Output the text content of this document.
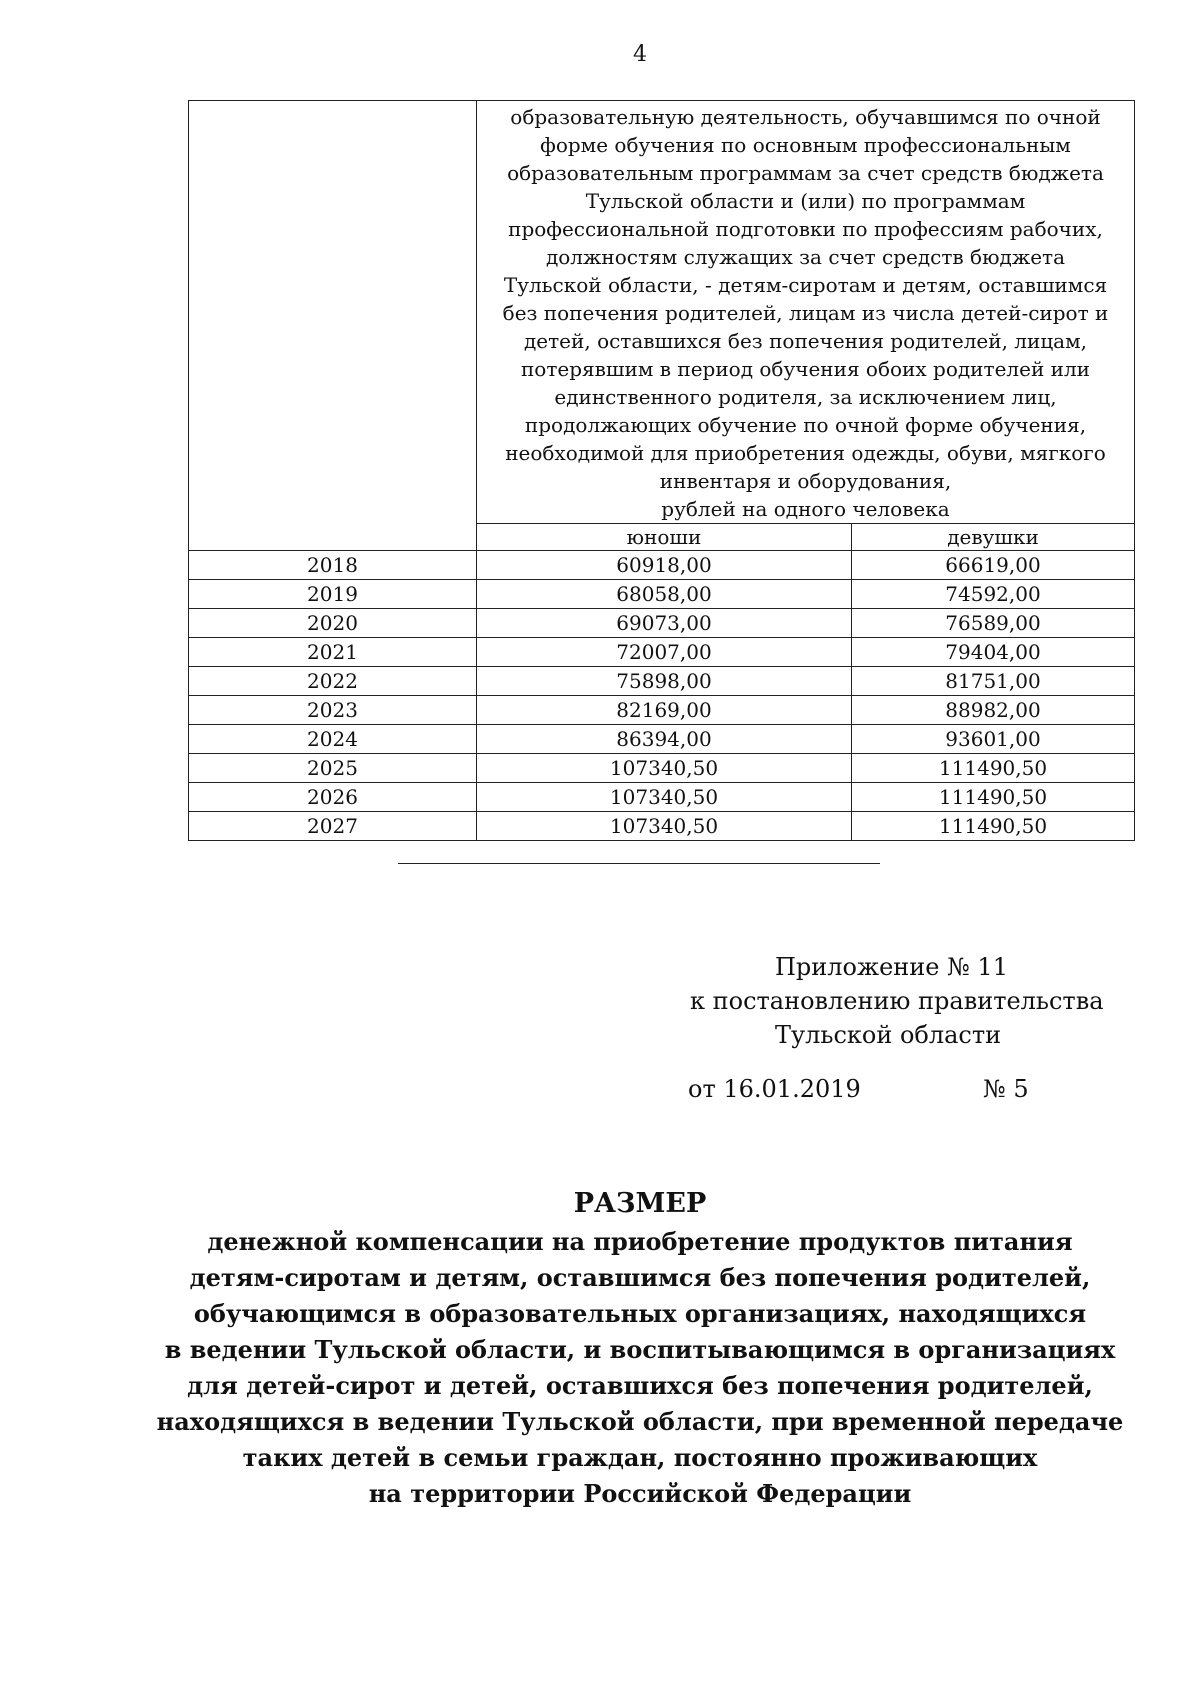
4

	образовательную деятельность, обучавшимся по очной форме обучения по основным профессиональным образовательным программам за счет средств бюджета Тульской области и (или) по программам профессиональной подготовки по профессиям рабочих, должностям служащих за счет средств бюджета Тульской области, - детям-сиротам и детям, оставшимся без попечения родителей, лицам из числа детей-сирот и детей, оставшихся без попечения родителей, лицам, потерявшим в период обучения обоих родителей или единственного родителя, за исключением лиц, продолжающих обучение по очной форме обучения, необходимой для приобретения одежды, обуви, мягкого инвентаря и оборудования,
рублей на одного человека	

	юноши	девушки
2018	60918,00	66619,00
2019	68058,00	74592,00
2020	69073,00	76589,00
2021	72007,00	79404,00
2022	75898,00	81751,00
2023	82169,00	88982,00
2024	86394,00	93601,00
2025	107340,50	111490,50
2026	107340,50	111490,50
2027	107340,50	111490,50
Приложение № 11
к постановлению правительства
Тульской области
от 16.01.2019	№ 5
РАЗМЕР
денежной компенсации на приобретение продуктов питания
детям-сиротам и детям, оставшимся без попечения родителей,
обучающимся в образовательных организациях, находящихся
в ведении Тульской области, и воспитывающимся в организациях
для детей-сирот и детей, оставшихся без попечения родителей,
находящихся в ведении Тульской области, при временной передаче
таких детей в семьи граждан, постоянно проживающих
на территории Российской Федерации
